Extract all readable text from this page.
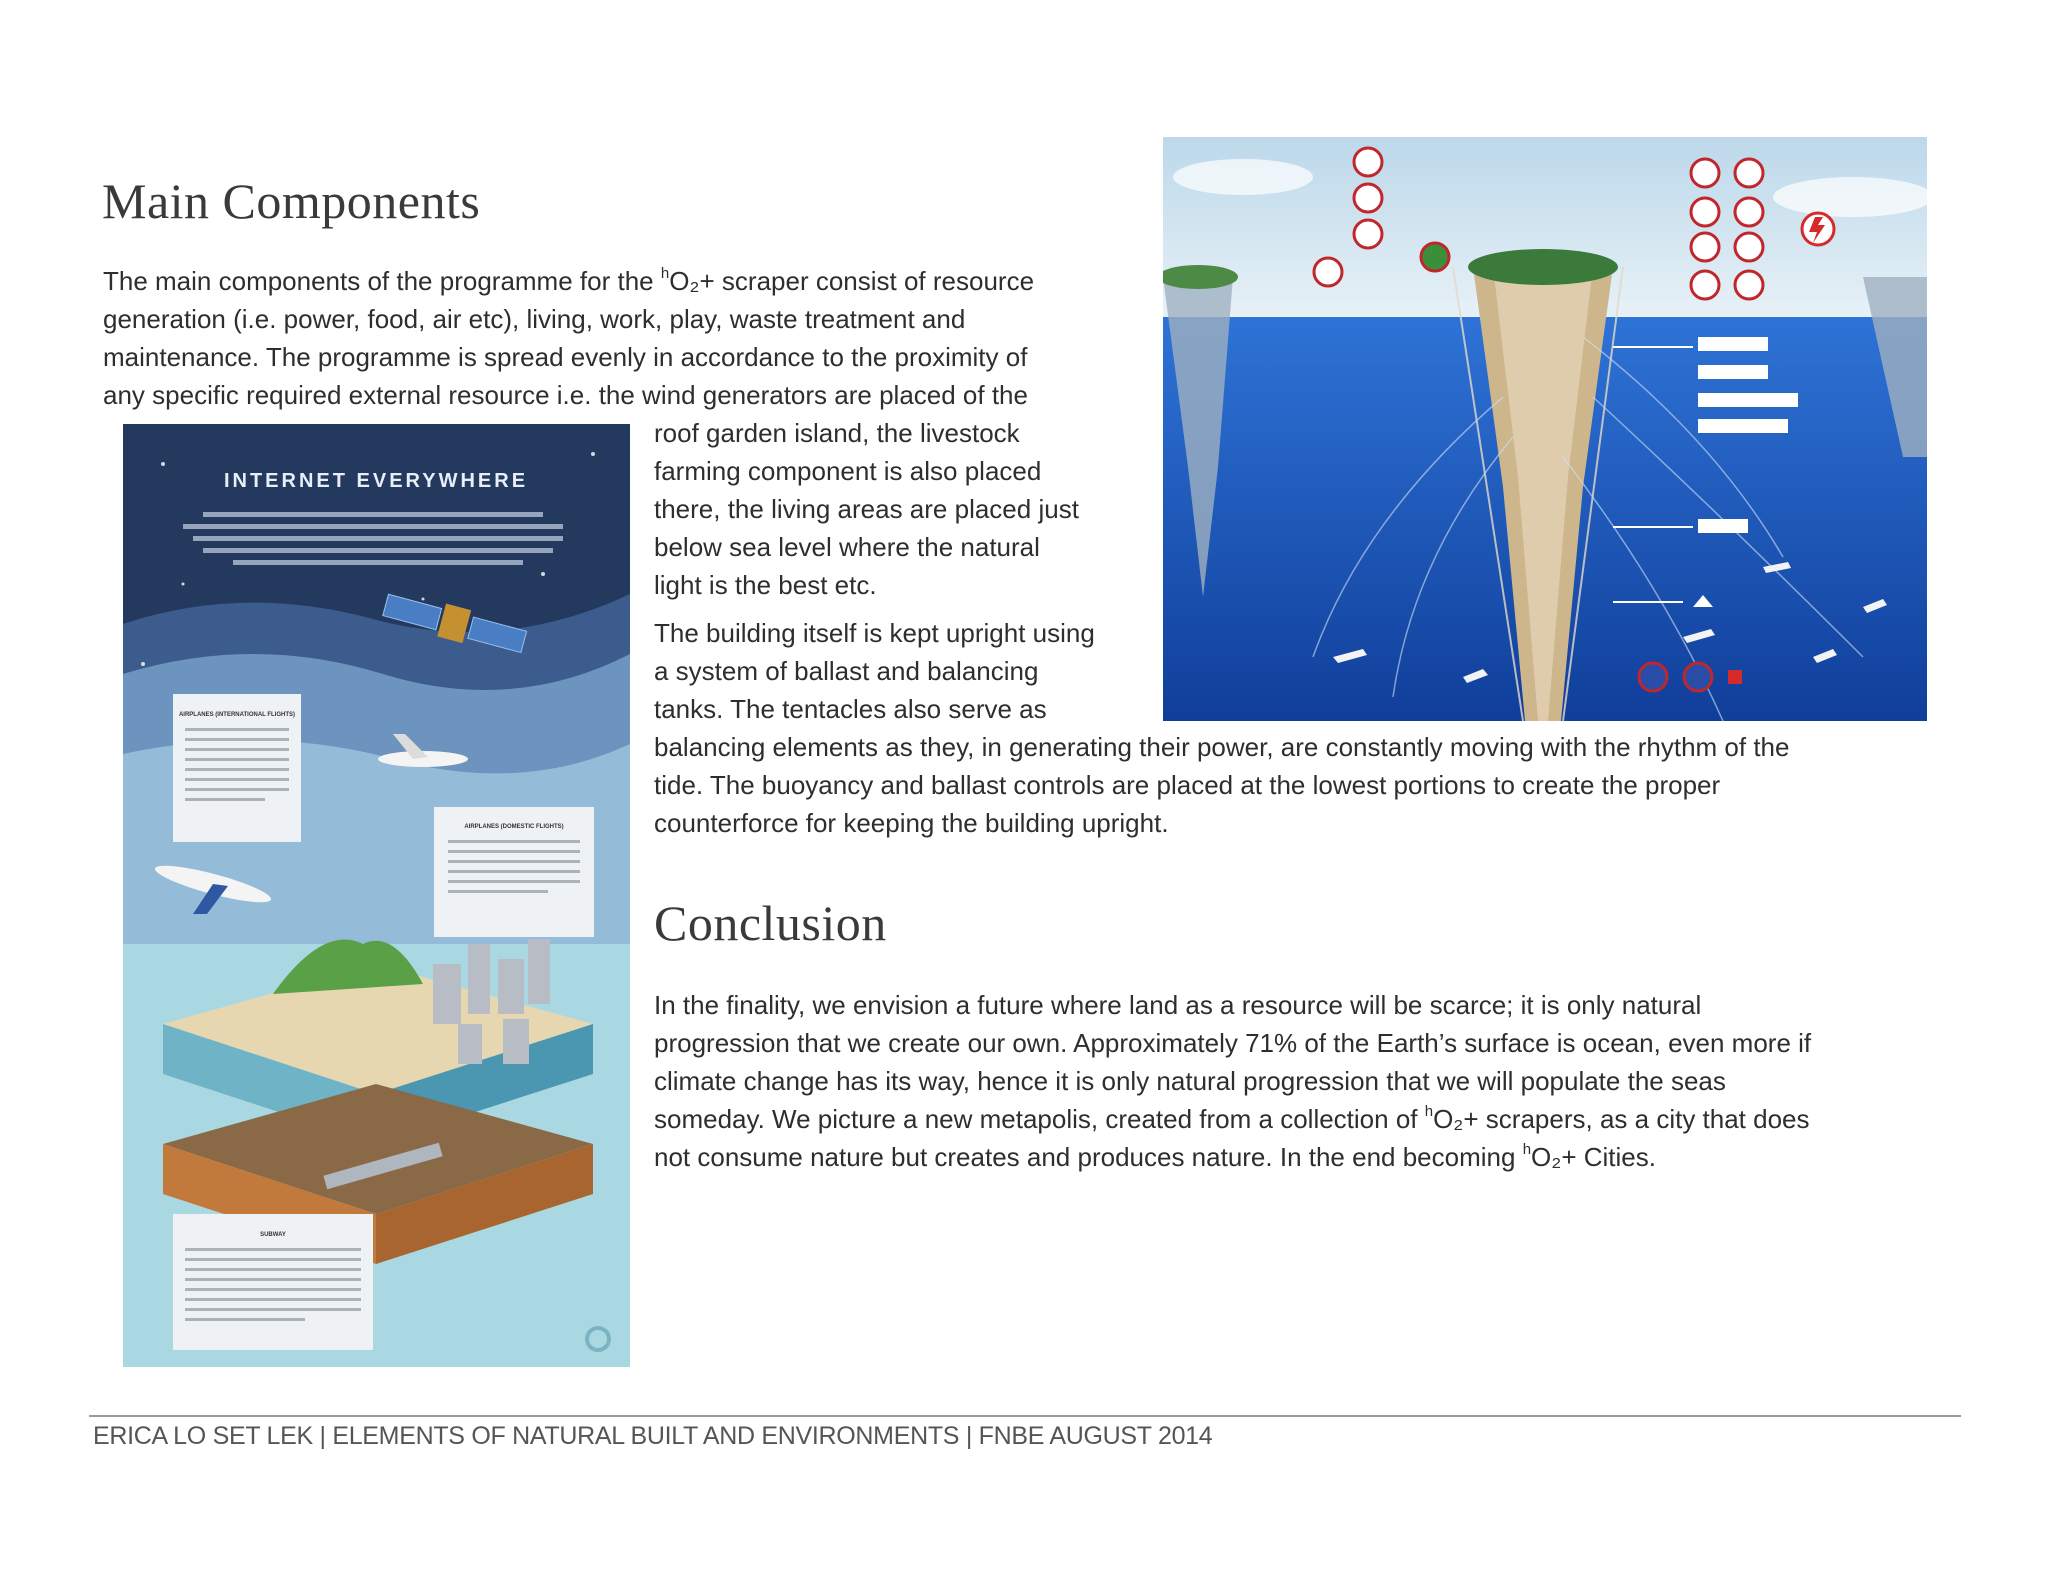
Main Components

The main components of the programme for the $^h$O₂+ scraper consist of resource

generation (i.e. power, food, air etc), living, work, play, waste treatment and

maintenance. The programme is spread evenly in accordance to the proximity of

any specific required external resource i.e. the wind generators are placed of the

roof garden island, the livestock

farming component is also placed

there, the living areas are placed just

below sea level where the natural

light is the best etc.

The building itself is kept upright using

a system of ballast and balancing

tanks. The tentacles also serve as

balancing elements as they, in generating their power, are constantly moving with the rhythm of the

tide. The buoyancy and ballast controls are placed at the lowest portions to create the proper

counterforce for keeping the building upright.

Conclusion

In the finality, we envision a future where land as a resource will be scarce; it is only natural

progression that we create our own. Approximately 71% of the Earth’s surface is ocean, even more if

climate change has its way, hence it is only natural progression that we will populate the seas

someday. We picture a new metapolis, created from a collection of $^h$O₂+ scrapers, as a city that does

not consume nature but creates and produces nature. In the end becoming $^h$O₂+ Cities.

INTERNET EVERYWHERE
AIRPLANES (INTERNATIONAL FLIGHTS)
AIRPLANES (DOMESTIC FLIGHTS)
SUBWAY

ERICA LO SET LEK | ELEMENTS OF NATURAL BUILT AND ENVIRONMENTS | FNBE AUGUST 2014
